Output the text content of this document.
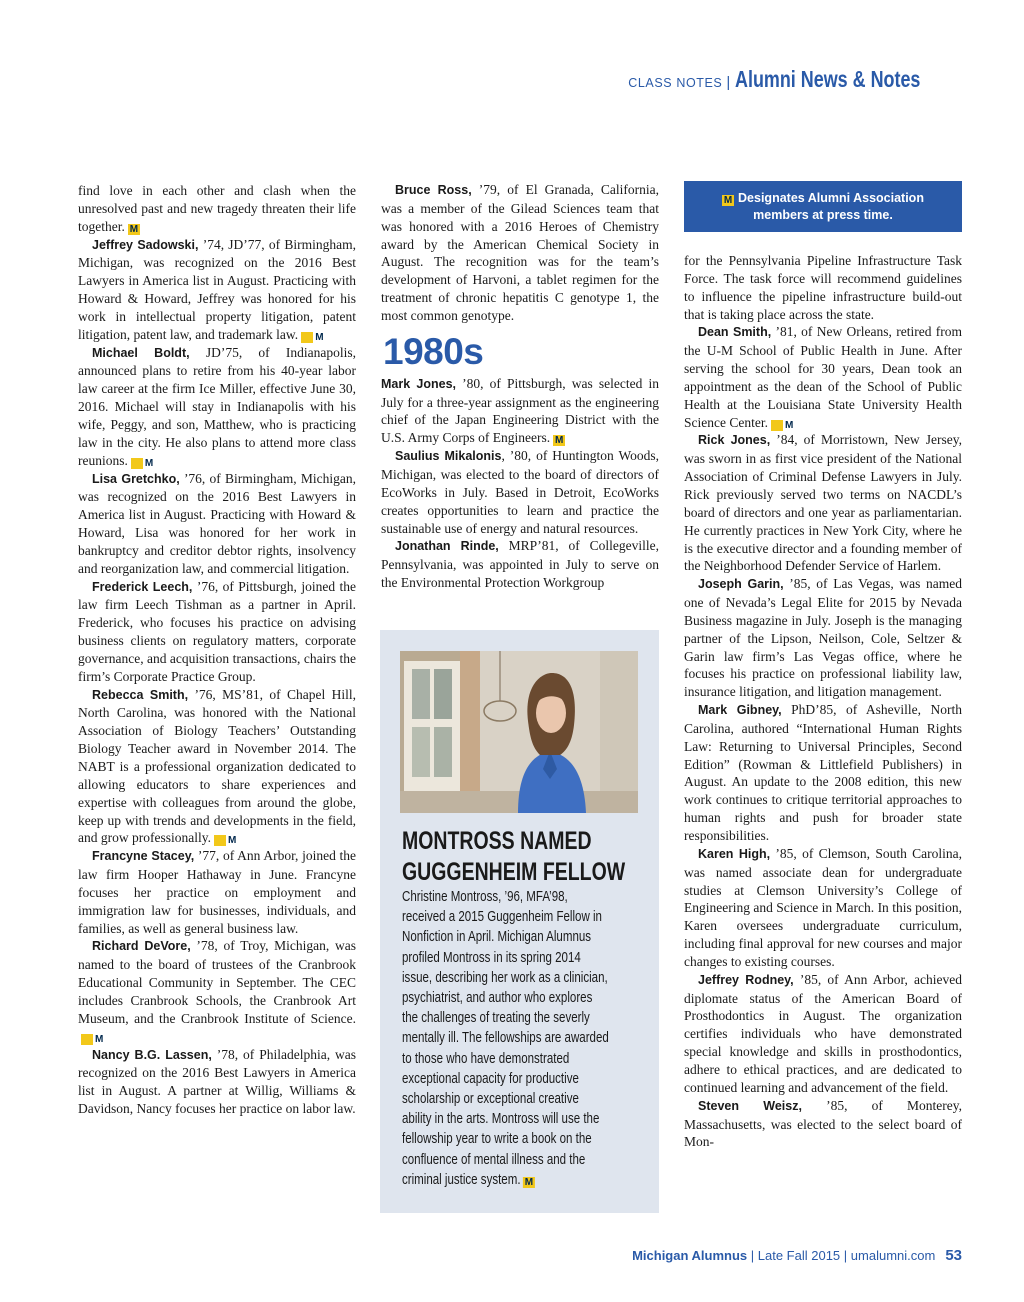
CLASS NOTES | Alumni News & Notes

find love in each other and clash when the unresolved past and new tragedy threaten their life together. M

Jeffrey Sadowski, ’74, JD’77, of Birmingham, Michigan, was recognized on the 2016 Best Lawyers in America list in August. Practicing with Howard & Howard, Jeffrey was honored for his work in intellectual property litigation, patent litigation, patent law, and trademark law. M

Michael Boldt, JD’75, of Indianapolis, announced plans to retire from his 40-year labor law career at the firm Ice Miller, effective June 30, 2016. Michael will stay in Indianapolis with his wife, Peggy, and son, Matthew, who is practicing law in the city. He also plans to attend more class reunions. M

Lisa Gretchko, ’76, of Birmingham, Michigan, was recognized on the 2016 Best Lawyers in America list in August. Practicing with Howard & Howard, Lisa was honored for her work in bankruptcy and creditor debtor rights, insolvency and reorganization law, and commercial litigation.

Frederick Leech, ’76, of Pittsburgh, joined the law firm Leech Tishman as a partner in April. Frederick, who focuses his practice on advising business clients on regulatory matters, corporate governance, and acquisition transactions, chairs the firm’s Corporate Practice Group.

Rebecca Smith, ’76, MS’81, of Chapel Hill, North Carolina, was honored with the National Association of Biology Teachers’ Outstanding Biology Teacher award in November 2014. The NABT is a professional organization dedicated to allowing educators to share experiences and expertise with colleagues from around the globe, keep up with trends and developments in the field, and grow professionally. M

Francyne Stacey, ’77, of Ann Arbor, joined the law firm Hooper Hathaway in June. Francyne focuses her practice on employment and immigration law for businesses, individuals, and families, as well as general business law.

Richard DeVore, ’78, of Troy, Michigan, was named to the board of trustees of the Cranbrook Educational Community in September. The CEC includes Cranbrook Schools, the Cranbrook Art Museum, and the Cranbrook Institute of Science.M

Nancy B.G. Lassen, ’78, of Philadelphia, was recognized on the 2016 Best Lawyers in America list in August. A partner at Willig, Williams & Davidson, Nancy focuses her practice on labor law.

Bruce Ross, ’79, of El Granada, California, was a member of the Gilead Sciences team that was honored with a 2016 Heroes of Chemistry award by the American Chemical Society in August. The recognition was for the team’s development of Harvoni, a tablet regimen for the treatment of chronic hepatitis C genotype 1, the most common genotype.

1980s

Mark Jones, ’80, of Pittsburgh, was selected in July for a three-year assignment as the engineering chief of the Japan Engineering District with the U.S. Army Corps of Engineers. M

Saulius Mikalonis, ’80, of Huntington Woods, Michigan, was elected to the board of directors of EcoWorks in July. Based in Detroit, EcoWorks creates opportunities to learn and practice the sustainable use of energy and natural resources.

Jonathan Rinde, MRP’81, of Collegeville, Pennsylvania, was appointed in July to serve on the Environmental Protection Workgroup

M Designates Alumni Association
members at press time.
MONTROSS NAMED
GUGGENHEIM FELLOW
Christine Montross, ’96, MFA’98,
received a 2015 Guggenheim Fellow in
Nonfiction in April. Michigan Alumnus
profiled Montross in its spring 2014
issue, describing her work as a clinician,
psychiatrist, and author who explores
the challenges of treating the severly
mentally ill. The fellowships are awarded
to those who have demonstrated
exceptional capacity for productive
scholarship or exceptional creative
ability in the arts. Montross will use the
fellowship year to write a book on the
confluence of mental illness and the
criminal justice system. M

for the Pennsylvania Pipeline Infrastructure Task Force. The task force will recommend guidelines to influence the pipeline infrastructure build-out that is taking place across the state.

Dean Smith, ’81, of New Orleans, retired from the U-M School of Public Health in June. After serving the school for 30 years, Dean took an appointment as the dean of the School of Public Health at the Louisiana State University Health Science Center. M

Rick Jones, ’84, of Morristown, New Jersey, was sworn in as first vice president of the National Association of Criminal Defense Lawyers in July. Rick previously served two terms on NACDL’s board of directors and one year as parliamentarian. He currently practices in New York City, where he is the executive director and a founding member of the Neighborhood Defender Service of Harlem.

Joseph Garin, ’85, of Las Vegas, was named one of Nevada’s Legal Elite for 2015 by Nevada Business magazine in July. Joseph is the managing partner of the Lipson, Neilson, Cole, Seltzer & Garin law firm’s Las Vegas office, where he focuses his practice on professional liability law, insurance litigation, and litigation management.

Mark Gibney, PhD’85, of Asheville, North Carolina, authored “International Human Rights Law: Returning to Universal Principles, Second Edition” (Rowman & Littlefield Publishers) in August. An update to the 2008 edition, this new work continues to critique territorial approaches to human rights and push for broader state responsibilities.

Karen High, ’85, of Clemson, South Carolina, was named associate dean for undergraduate studies at Clemson University’s College of Engineering and Science in March. In this position, Karen oversees undergraduate curriculum, including final approval for new courses and major changes to existing courses.

Jeffrey Rodney, ’85, of Ann Arbor, achieved diplomate status of the American Board of Prosthodontics in August. The organization certifies individuals who have demonstrated special knowledge and skills in prosthodontics, adhere to ethical practices, and are dedicated to continued learning and advancement of the field.

Steven Weisz, ’85, of Monterey, Massachusetts, was elected to the select board of Mon-

Michigan Alumnus | Late Fall 2015 | umalumni.com 53
